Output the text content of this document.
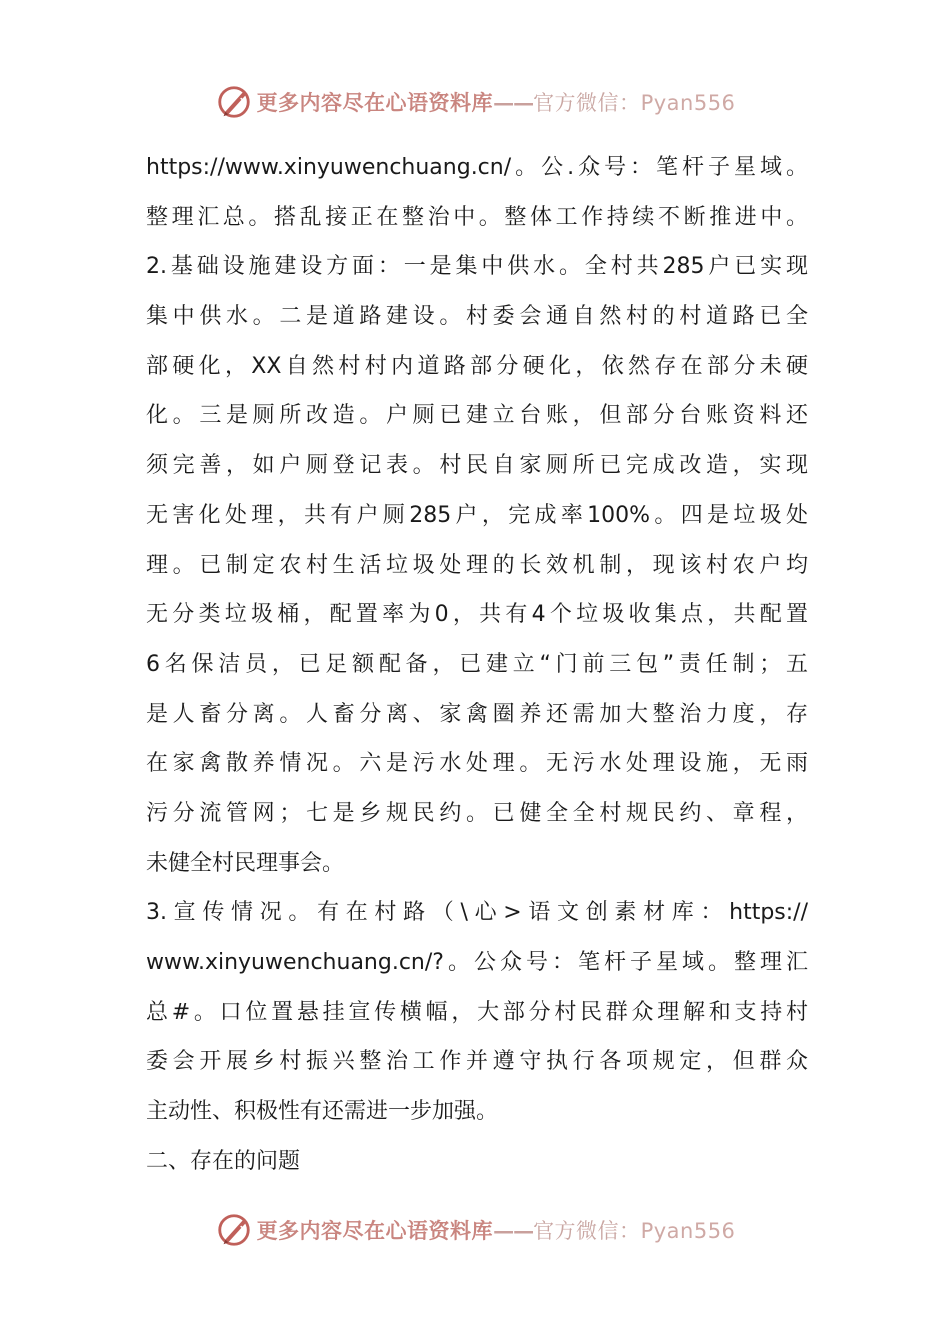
更多内容尽在心语资料库——官方微信：Pyan556
https://www.xinyuwenchuang.cn/。公.众号：笔杆子星域。
整理汇总。搭乱接正在整治中。整体工作持续不断推进中。
2.基础设施建设方面：一是集中供水。全村共285户已实现
集中供水。二是道路建设。村委会通自然村的村道路已全
部硬化，XX自然村村内道路部分硬化，依然存在部分未硬
化。三是厕所改造。户厕已建立台账，但部分台账资料还
须完善，如户厕登记表。村民自家厕所已完成改造，实现
无害化处理，共有户厕285户，完成率100%。四是垃圾处
理。已制定农村生活垃圾处理的长效机制，现该村农户均
无分类垃圾桶，配置率为0，共有4个垃圾收集点，共配置
6名保洁员，已足额配备，已建立“门前三包”责任制；五
是人畜分离。人畜分离、家禽圈养还需加大整治力度，存
在家禽散养情况。六是污水处理。无污水处理设施，无雨
污分流管网；七是乡规民约。已健全全村规民约、章程，
未健全村民理事会。
3.宣传情况。有在村路（\心>语文创素材库：https://
www.xinyuwenchuang.cn/?。公众号：笔杆子星域。整理汇
总#。口位置悬挂宣传横幅，大部分村民群众理解和支持村
委会开展乡村振兴整治工作并遵守执行各项规定，但群众
主动性、积极性有还需进一步加强。
二、存在的问题
更多内容尽在心语资料库——官方微信：Pyan556
